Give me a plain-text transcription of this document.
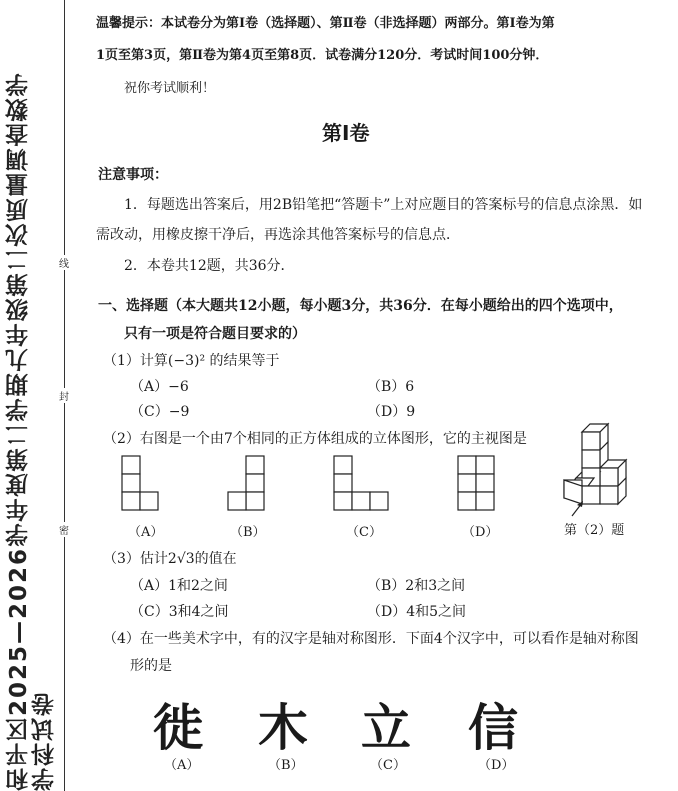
和平区2025—2026学年度第二学期九年级第二次质量调查数学学科试卷
线
封
密
温馨提示：本试卷分为第Ⅰ卷（选择题）、第Ⅱ卷（非选择题）两部分。第Ⅰ卷为第
1页至第3页，第Ⅱ卷为第4页至第8页．试卷满分120分．考试时间100分钟．
祝你考试顺利！
第Ⅰ卷
注意事项：
1．每题选出答案后，用2B铅笔把“答题卡”上对应题目的答案标号的信息点涂黑．如
需改动，用橡皮擦干净后，再选涂其他答案标号的信息点．
2．本卷共12题，共36分．
一、选择题（本大题共12小题，每小题3分，共36分．在每小题给出的四个选项中，
只有一项是符合题目要求的）
（1）计算(−3)² 的结果等于
（A）−6	（B）6
（C）−9	（D）9
（2）右图是一个由7个相同的正方体组成的立体图形，它的主视图是
（A）	（B）	（C）	（D）	第（2）题
（3）估计2√3的值在
（A）1和2之间	（B）2和3之间
（C）3和4之间	（D）4和5之间
（4）在一些美术字中，有的汉字是轴对称图形．下面4个汉字中，可以看作是轴对称图
形的是
徙 木 立 信
（A）	（B）	（C）	（D）
